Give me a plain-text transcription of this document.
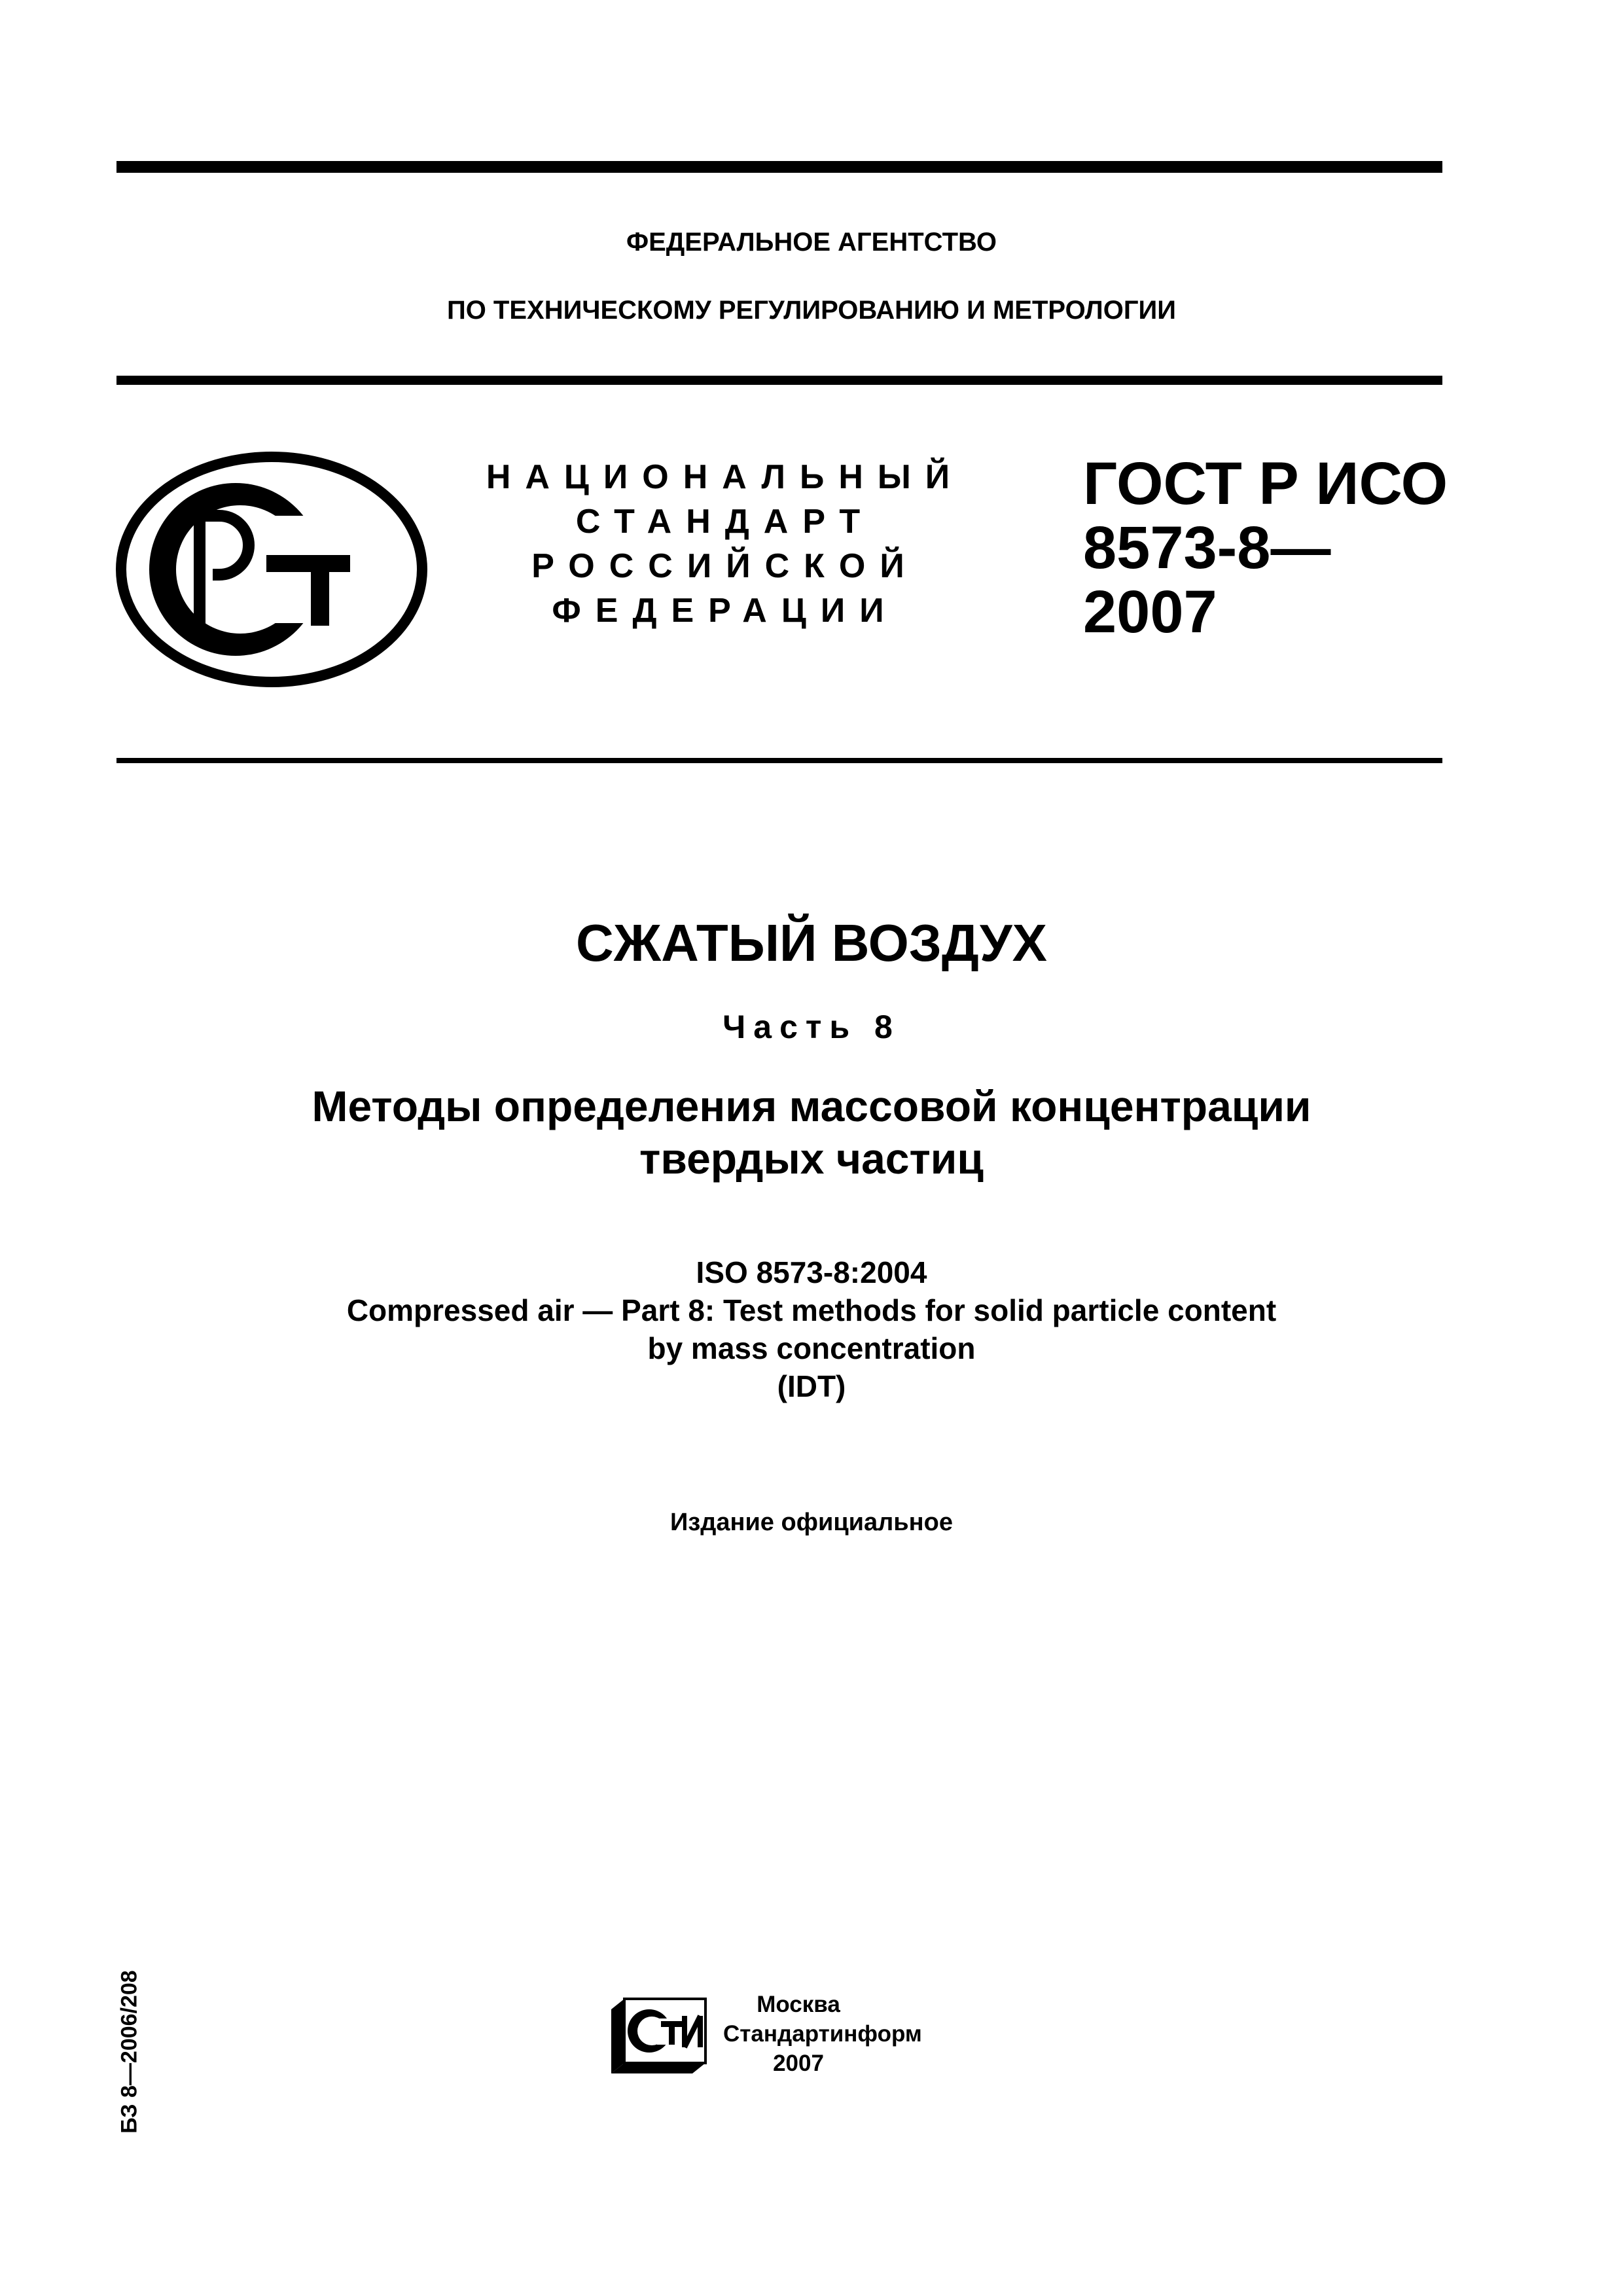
ФЕДЕРАЛЬНОЕ АГЕНТСТВО
ПО ТЕХНИЧЕСКОМУ РЕГУЛИРОВАНИЮ И МЕТРОЛОГИИ
НАЦИОНАЛЬНЫЙ
СТАНДАРТ
РОССИЙСКОЙ
ФЕДЕРАЦИИ
ГОСТ Р ИСО
8573-8—
2007
СЖАТЫЙ ВОЗДУХ
Часть 8
Методы определения массовой концентрации
твердых частиц
ISO 8573-8:2004
Compressed air — Part 8: Test methods for solid particle content
by mass concentration
(IDT)
Издание официальное
БЗ 8—2006/208	Москва
Стандартинформ
2007
